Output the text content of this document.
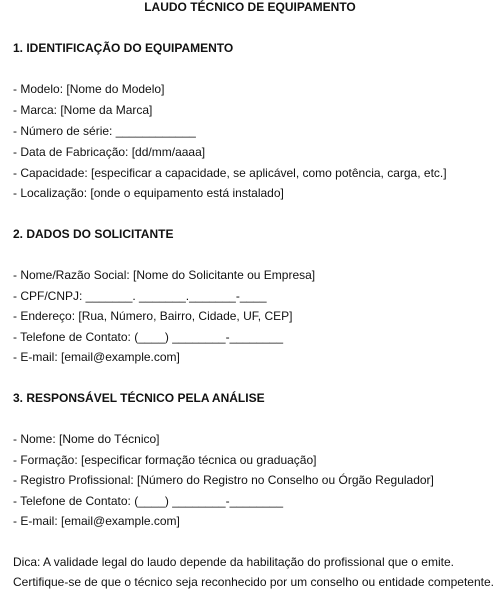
LAUDO TÉCNICO DE EQUIPAMENTO
1. IDENTIFICAÇÃO DO EQUIPAMENTO
- Modelo: [Nome do Modelo]
- Marca: [Nome da Marca]
- Número de série: ____________
- Data de Fabricação: [dd/mm/aaaa]
- Capacidade: [especificar a capacidade, se aplicável, como potência, carga, etc.]
- Localização: [onde o equipamento está instalado]
2. DADOS DO SOLICITANTE
- Nome/Razão Social: [Nome do Solicitante ou Empresa]
- CPF/CNPJ: _______. _______._______-____
- Endereço: [Rua, Número, Bairro, Cidade, UF, CEP]
- Telefone de Contato: (____) ________-________
- E-mail: [email@example.com]
3. RESPONSÁVEL TÉCNICO PELA ANÁLISE
- Nome: [Nome do Técnico]
- Formação: [especificar formação técnica ou graduação]
- Registro Profissional: [Número do Registro no Conselho ou Órgão Regulador]
- Telefone de Contato: (____) ________-________
- E-mail: [email@example.com]
Dica: A validade legal do laudo depende da habilitação do profissional que o emite. Certifique-se de que o técnico seja reconhecido por um conselho ou entidade competente.
